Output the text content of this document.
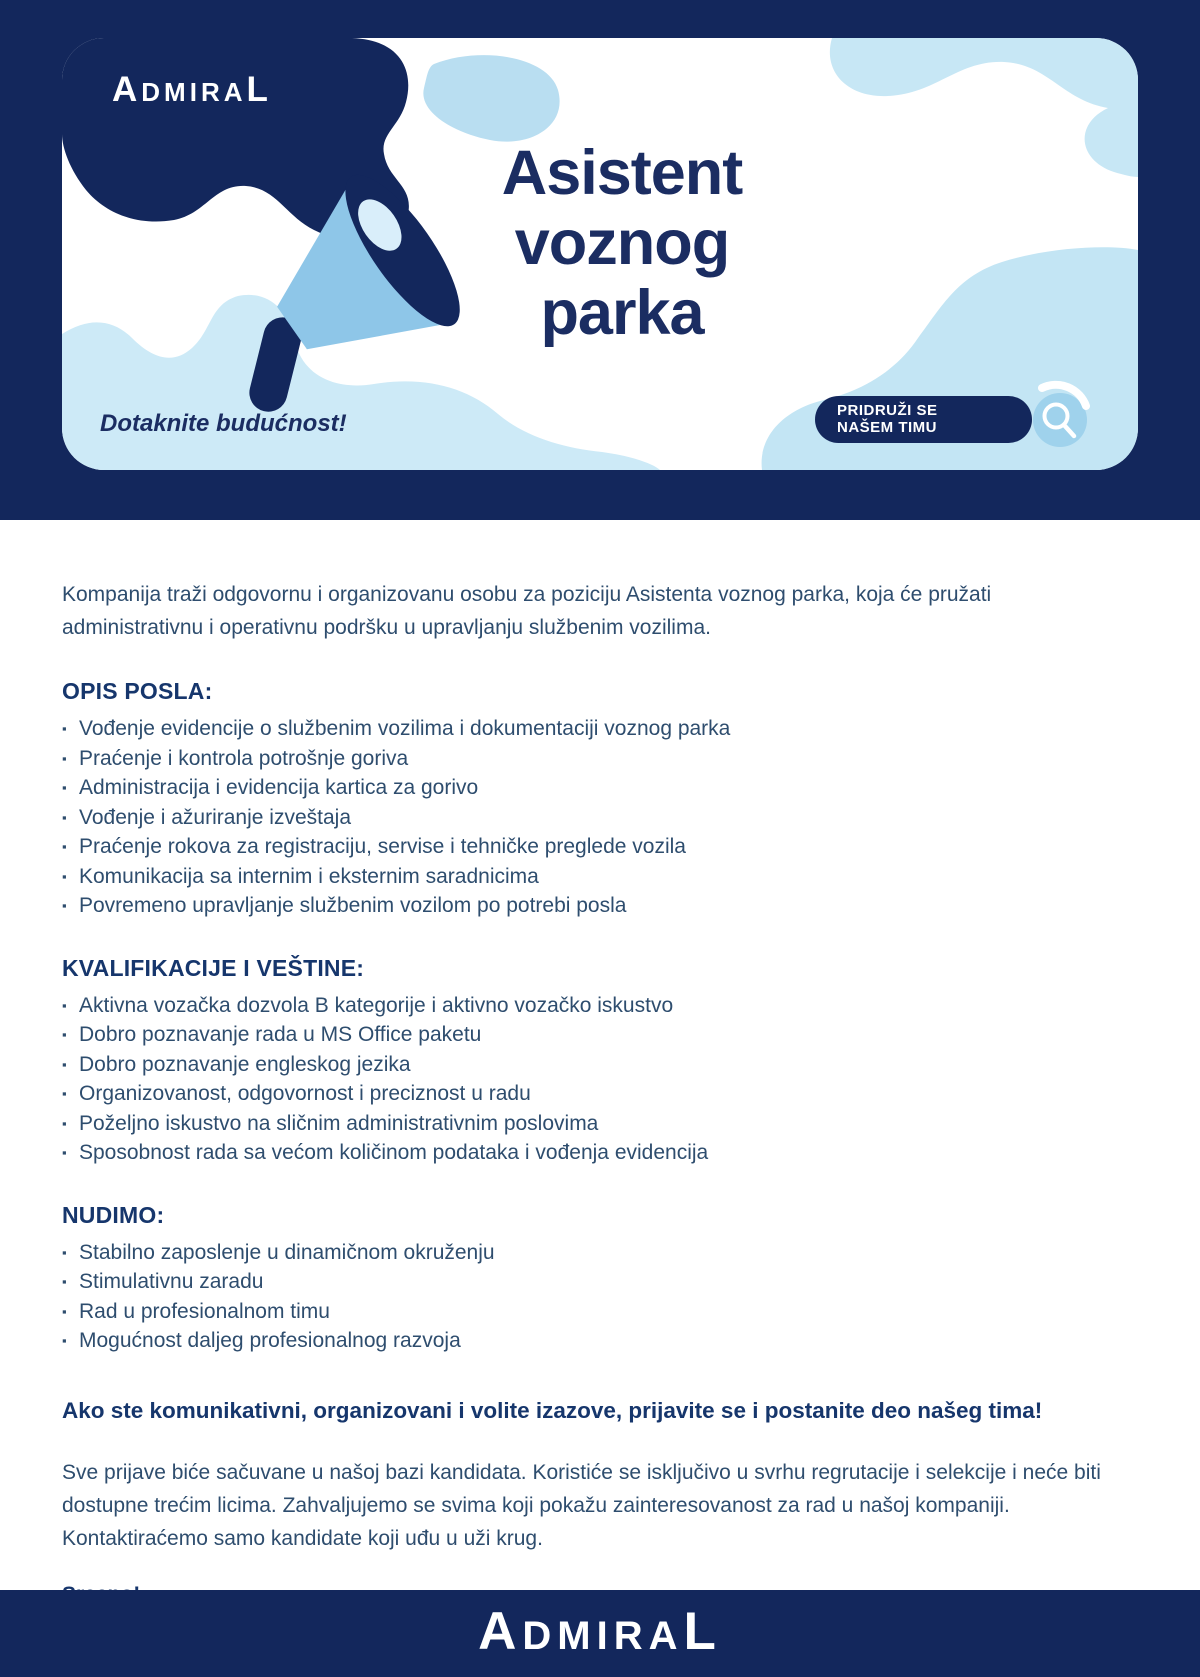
ADMIRAL
Asistent
voznog
parka
Dotaknite budućnost!	PRIDRUŽI SE
NAŠEM TIMU

Kompanija traži odgovornu i organizovanu osobu za poziciju Asistenta voznog parka, koja će pružati administrativnu i operativnu podršku u upravljanju službenim vozilima.

OPIS POSLA:
▪ Vođenje evidencije o službenim vozilima i dokumentaciji voznog parka
▪ Praćenje i kontrola potrošnje goriva
▪ Administracija i evidencija kartica za gorivo
▪ Vođenje i ažuriranje izveštaja
▪ Praćenje rokova za registraciju, servise i tehničke preglede vozila
▪ Komunikacija sa internim i eksternim saradnicima
▪ Povremeno upravljanje službenim vozilom po potrebi posla
KVALIFIKACIJE I VEŠTINE:
▪ Aktivna vozačka dozvola B kategorije i aktivno vozačko iskustvo
▪ Dobro poznavanje rada u MS Office paketu
▪ Dobro poznavanje engleskog jezika
▪ Organizovanost, odgovornost i preciznost u radu
▪ Poželjno iskustvo na sličnim administrativnim poslovima
▪ Sposobnost rada sa većom količinom podataka i vođenja evidencija
NUDIMO:
▪ Stabilno zaposlenje u dinamičnom okruženju
▪ Stimulativnu zaradu
▪ Rad u profesionalnom timu
▪ Mogućnost daljeg profesionalnog razvoja

Ako ste komunikativni, organizovani i volite izazove, prijavite se i postanite deo našeg tima!

Sve prijave biće sačuvane u našoj bazi kandidata. Koristiće se isključivo u svrhu regrutacije i selekcije i neće biti dostupne trećim licima. Zahvaljujemo se svima koji pokažu zainteresovanost za rad u našoj kompaniji. Kontaktiraćemo samo kandidate koji uđu u uži krug.

ADMIRAL
